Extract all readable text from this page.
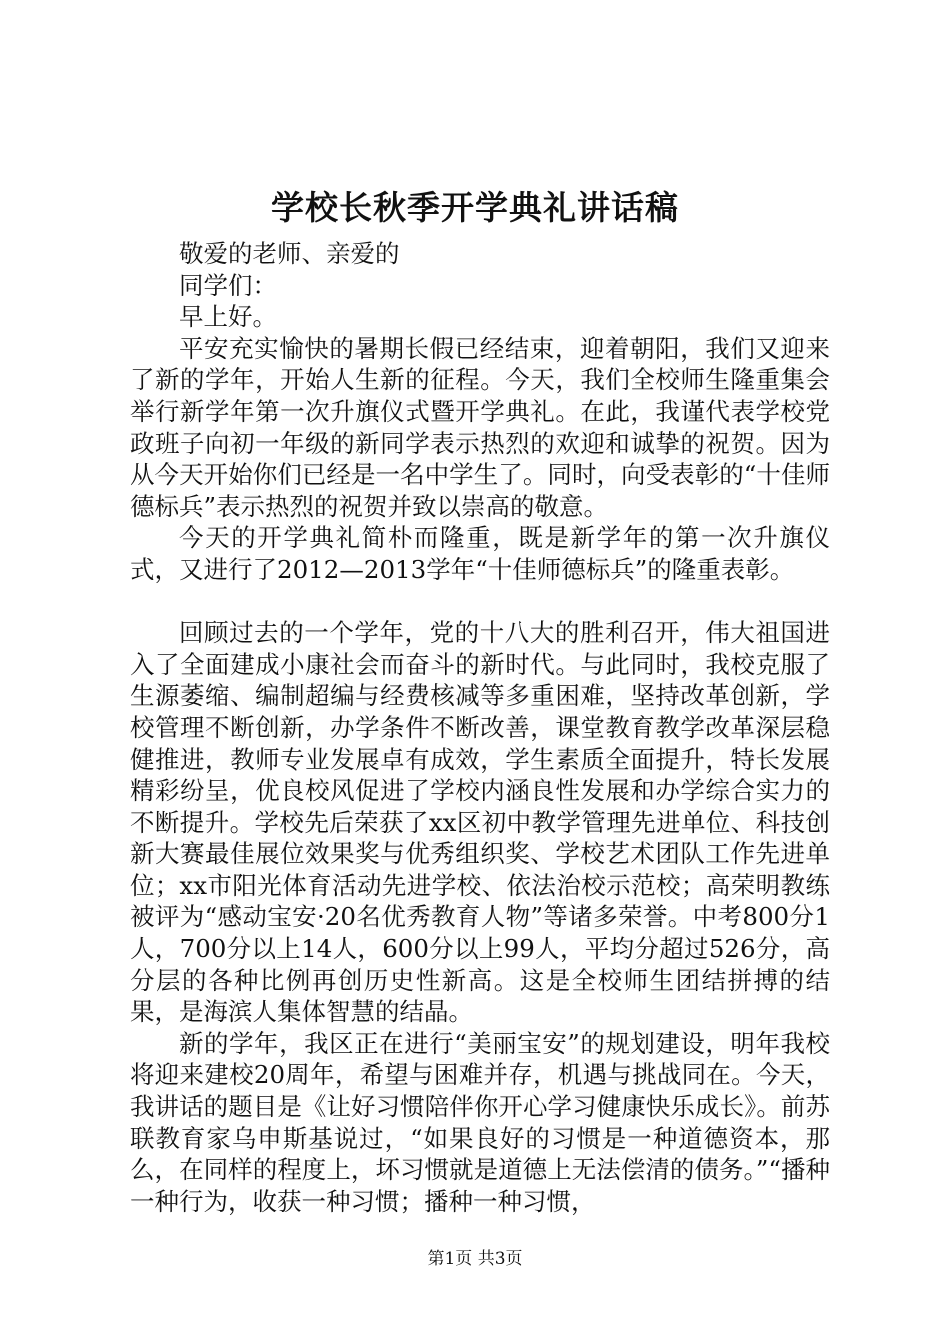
学校长秋季开学典礼讲话稿

敬爱的老师、亲爱的

同学们：

早上好。

平安充实愉快的暑期长假已经结束，迎着朝阳，我们又迎来了新的学年，开始人生新的征程。今天，我们全校师生隆重集会举行新学年第一次升旗仪式暨开学典礼。在此，我谨代表学校党政班子向初一年级的新同学表示热烈的欢迎和诚挚的祝贺。因为从今天开始你们已经是一名中学生了。同时，向受表彰的“十佳师德标兵”表示热烈的祝贺并致以崇高的敬意。

今天的开学典礼简朴而隆重，既是新学年的第一次升旗仪式，又进行了2012—2013学年“十佳师德标兵”的隆重表彰。

回顾过去的一个学年，党的十八大的胜利召开，伟大祖国进入了全面建成小康社会而奋斗的新时代。与此同时，我校克服了生源萎缩、编制超编与经费核减等多重困难，坚持改革创新，学校管理不断创新，办学条件不断改善，课堂教育教学改革深层稳健推进，教师专业发展卓有成效，学生素质全面提升，特长发展精彩纷呈，优良校风促进了学校内涵良性发展和办学综合实力的不断提升。学校先后荣获了xx区初中教学管理先进单位、科技创新大赛最佳展位效果奖与优秀组织奖、学校艺术团队工作先进单位；xx市阳光体育活动先进学校、依法治校示范校；高荣明教练被评为“感动宝安·20名优秀教育人物”等诸多荣誉。中考800分1人，700分以上14人，600分以上99人，平均分超过526分，高分层的各种比例再创历史性新高。这是全校师生团结拼搏的结果，是海滨人集体智慧的结晶。

新的学年，我区正在进行“美丽宝安”的规划建设，明年我校将迎来建校20周年，希望与困难并存，机遇与挑战同在。今天，我讲话的题目是《让好习惯陪伴你开心学习健康快乐成长》。前苏联教育家乌申斯基说过，“如果良好的习惯是一种道德资本，那么，在同样的程度上，坏习惯就是道德上无法偿清的债务。”“播种一种行为，收获一种习惯；播种一种习惯，

第1页 共3页
